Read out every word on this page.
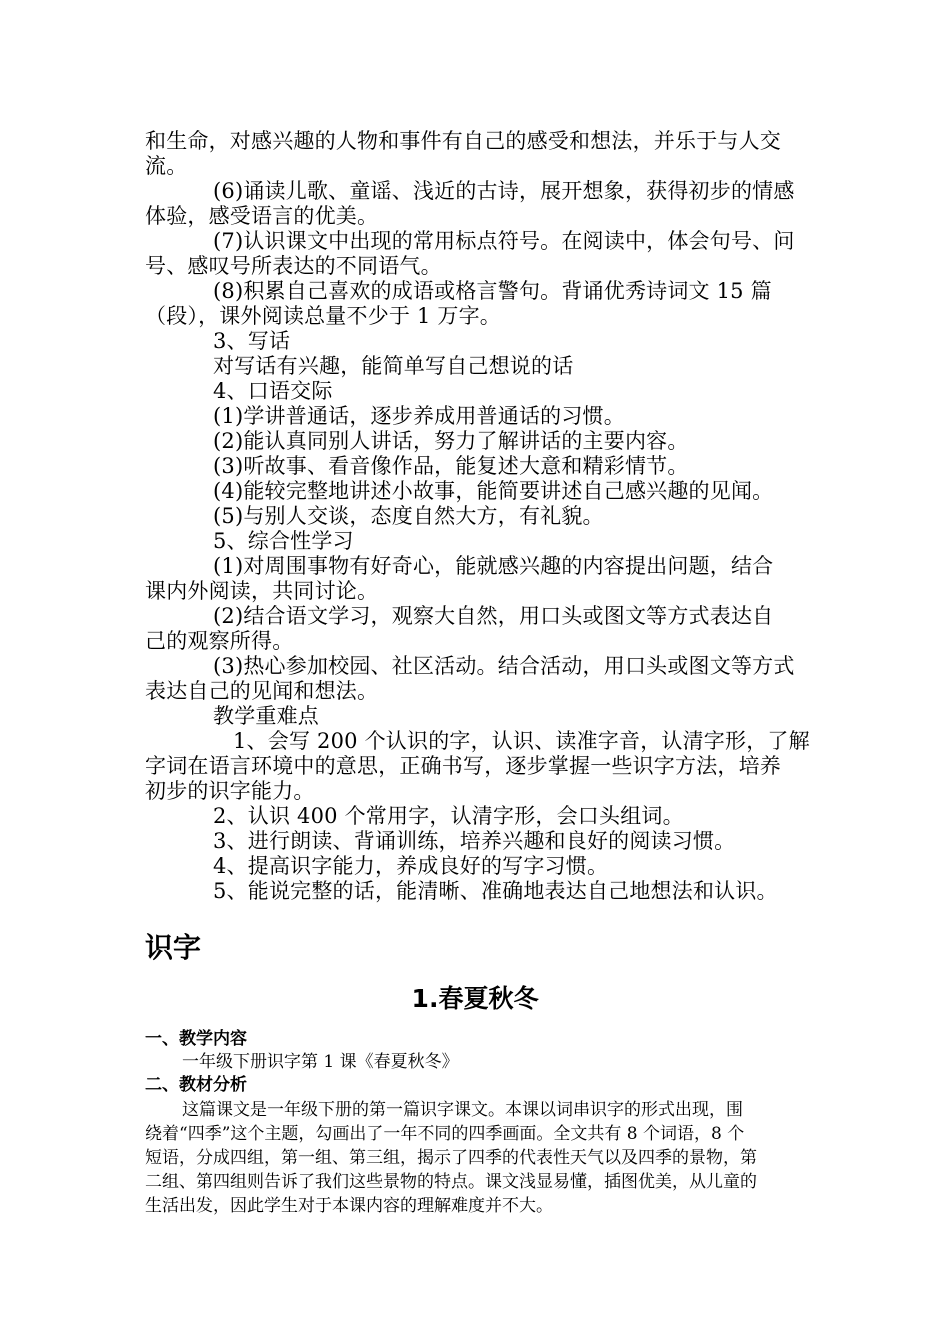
和生命，对感兴趣的人物和事件有自己的感受和想法，并乐于与人交
流。
(6)诵读儿歌、童谣、浅近的古诗，展开想象，获得初步的情感
体验，感受语言的优美。
(7)认识课文中出现的常用标点符号。在阅读中，体会句号、问
号、感叹号所表达的不同语气。
(8)积累自己喜欢的成语或格言警句。背诵优秀诗词文 15 篇
（段），课外阅读总量不少于 1 万字。
3、写话
对写话有兴趣，能简单写自己想说的话
4、口语交际
(1)学讲普通话，逐步养成用普通话的习惯。
(2)能认真同别人讲话，努力了解讲话的主要内容。
(3)听故事、看音像作品，能复述大意和精彩情节。
(4)能较完整地讲述小故事，能简要讲述自己感兴趣的见闻。
(5)与别人交谈，态度自然大方，有礼貌。
5、综合性学习
(1)对周围事物有好奇心，能就感兴趣的内容提出问题，结合
课内外阅读，共同讨论。
(2)结合语文学习，观察大自然，用口头或图文等方式表达自
己的观察所得。
(3)热心参加校园、社区活动。结合活动，用口头或图文等方式
表达自己的见闻和想法。
教学重难点
1、会写 200 个认识的字，认识、读准字音，认清字形，了解
字词在语言环境中的意思，正确书写，逐步掌握一些识字方法，培养
初步的识字能力。
2、认识 400 个常用字，认清字形，会口头组词。
3、进行朗读、背诵训练，培养兴趣和良好的阅读习惯。
4、提高识字能力，养成良好的写字习惯。
5、能说完整的话，能清晰、准确地表达自己地想法和认识。
识字
1.春夏秋冬
一、教学内容
一年级下册识字第 1 课《春夏秋冬》
二、教材分析
这篇课文是一年级下册的第一篇识字课文。本课以词串识字的形式出现，围
绕着“四季”这个主题，勾画出了一年不同的四季画面。全文共有 8 个词语，8 个
短语，分成四组，第一组、第三组，揭示了四季的代表性天气以及四季的景物，第
二组、第四组则告诉了我们这些景物的特点。课文浅显易懂，插图优美，从儿童的
生活出发，因此学生对于本课内容的理解难度并不大。
